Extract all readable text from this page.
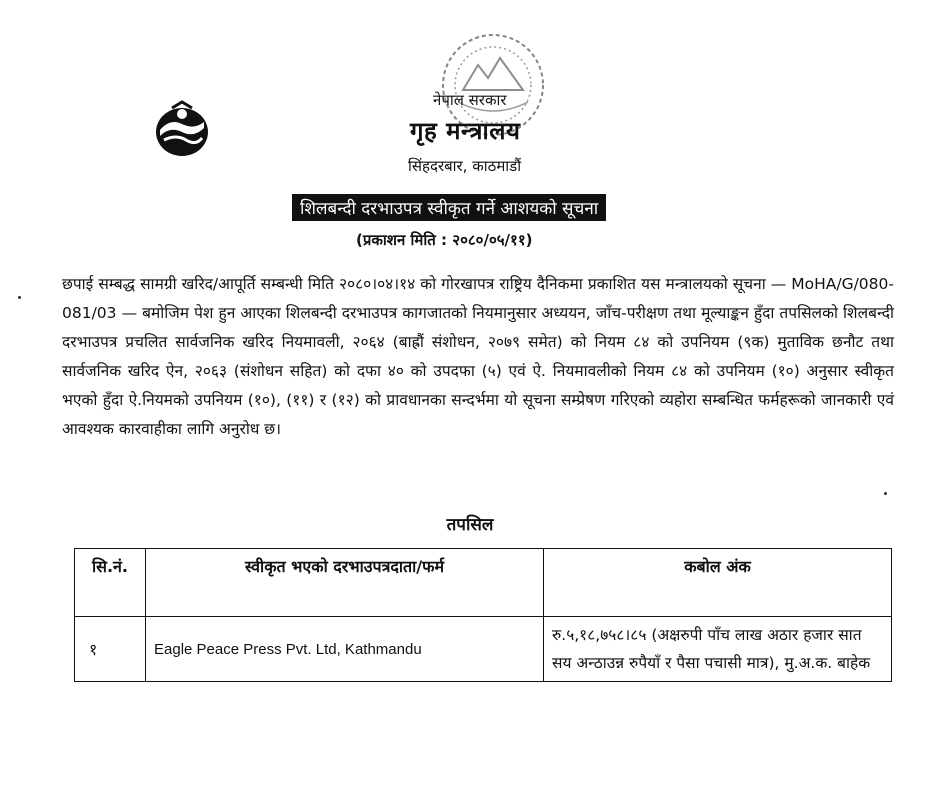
नेपाल सरकार
गृह मन्त्रालय
सिंहदरबार, काठमाडौं
शिलबन्दी दरभाउपत्र स्वीकृत गर्ने आशयको सूचना
(प्रकाशन मिति : २०८०/०५/११)
छपाई सम्बद्ध सामग्री खरिद/आपूर्ति सम्बन्धी मिति २०८०।०४।१४ को गोरखापत्र राष्ट्रिय दैनिकमा प्रकाशित यस मन्त्रालयको सूचना — MoHA/G/080-081/03 — बमोजिम पेश हुन आएका शिलबन्दी दरभाउपत्र कागजातको नियमानुसार अध्ययन, जाँच-परीक्षण तथा मूल्याङ्कन हुँदा तपसिलको शिलबन्दी दरभाउपत्र प्रचलित सार्वजनिक खरिद नियमावली, २०६४ (बाह्रौं संशोधन, २०७९ समेत) को नियम ८४ को उपनियम (९क) मुताविक छनौट तथा सार्वजनिक खरिद ऐन, २०६३ (संशोधन सहित) को दफा ४० को उपदफा (५) एवं ऐ. नियमावलीको नियम ८४ को उपनियम (१०) अनुसार स्वीकृत भएको हुँदा ऐ.नियमको उपनियम (१०), (११) र (१२) को प्रावधानका सन्दर्भमा यो सूचना सम्प्रेषण गरिएको व्यहोरा सम्बन्धित फर्महरूको जानकारी एवं आवश्यक कारवाहीका लागि अनुरोध छ।
तपसिल
सि.नं.	स्वीकृत भएको दरभाउपत्रदाता/फर्म	कबोल अंक
१	Eagle Peace Press Pvt. Ltd, Kathmandu	रु.५,१८,७५८।८५ (अक्षरुपी पाँच लाख अठार हजार सात सय अन्ठाउन्न रुपैयाँ र पैसा पचासी मात्र), मु.अ.क. बाहेक
